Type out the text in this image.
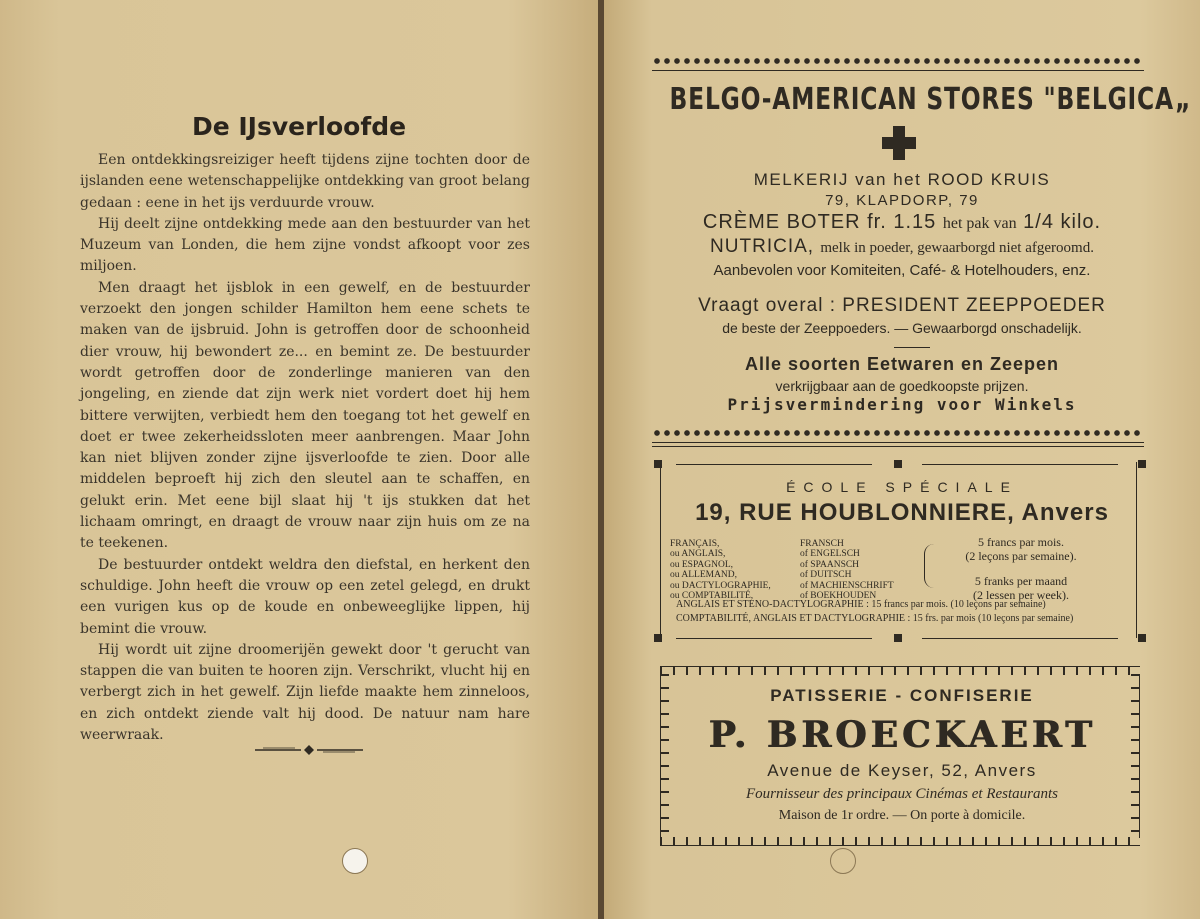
De IJsverloofde

Een ontdekkingsreiziger heeft tijdens zijne tochten door de ijslanden eene wetenschappelijke ontdekking van groot belang gedaan : eene in het ijs verduurde vrouw.

Hij deelt zijne ontdekking mede aan den bestuurder van het Muzeum van Londen, die hem zijne vondst afkoopt voor zes miljoen.

Men draagt het ijsblok in een gewelf, en de bestuurder verzoekt den jongen schilder Hamilton hem eene schets te maken van de ijsbruid. John is getroffen door de schoonheid dier vrouw, hij bewondert ze... en bemint ze. De bestuurder wordt getroffen door de zonderlinge manieren van den jongeling, en ziende dat zijn werk niet vordert doet hij hem bittere verwijten, verbiedt hem den toegang tot het gewelf en doet er twee zekerheidssloten meer aanbrengen. Maar John kan niet blijven zonder zijne ijsverloofde te zien. Door alle middelen beproeft hij zich den sleutel aan te schaffen, en gelukt erin. Met eene bijl slaat hij 't ijs stukken dat het lichaam omringt, en draagt de vrouw naar zijn huis om ze na te teekenen.

De bestuurder ontdekt weldra den diefstal, en herkent den schuldige. John heeft die vrouw op een zetel gelegd, en drukt een vurigen kus op de koude en onbeweeglijke lippen, hij bemint die vrouw.

Hij wordt uit zijne droomerijën gewekt door 't gerucht van stappen die van buiten te hooren zijn. Verschrikt, vlucht hij en verbergt zich in het gewelf. Zijn liefde maakte hem zinneloos, en zich ontdekt ziende valt hij dood. De natuur nam hare weerwraak.

BELGO-AMERICAN STORES "BELGICA„
MELKERIJ van het ROOD KRUIS
79, KLAPDORP, 79
CRÈME BOTER fr. 1.15 het pak van 1/4 kilo.
NUTRICIA, melk in poeder, gewaarborgd niet afgeroomd.
Aanbevolen voor Komiteiten, Café- & Hotelhouders, enz.
Vraagt overal : PRESIDENT ZEEPPOEDER
de beste der Zeeppoeders. — Gewaarborgd onschadelijk.
Alle soorten Eetwaren en Zeepen
verkrijgbaar aan de goedkoopste prijzen.
Prijsvermindering voor Winkels
ÉCOLE SPÉCIALE
19, RUE HOUBLONNIERE, Anvers
FRANÇAIS,
ou ANGLAIS,
ou ESPAGNOL,
ou ALLEMAND,
ou DACTYLOGRAPHIE,
ou COMPTABILITÉ,
FRANSCH
of ENGELSCH
of SPAANSCH
of DUITSCH
of MACHIENSCHRIFT
of BOEKHOUDEN
5 francs par mois.
(2 leçons par semaine).
5 franks per maand
(2 lessen per week).
ANGLAIS ET STENO-DACTYLOGRAPHIE : 15 francs par mois. (10 leçons par semaine)
COMPTABILITÉ, ANGLAIS ET DACTYLOGRAPHIE : 15 frs. par mois (10 leçons par semaine)
PATISSERIE - CONFISERIE
P. BROECKAERT
Avenue de Keyser, 52, Anvers
Fournisseur des principaux Cinémas et Restaurants
Maison de 1r ordre. — On porte à domicile.
